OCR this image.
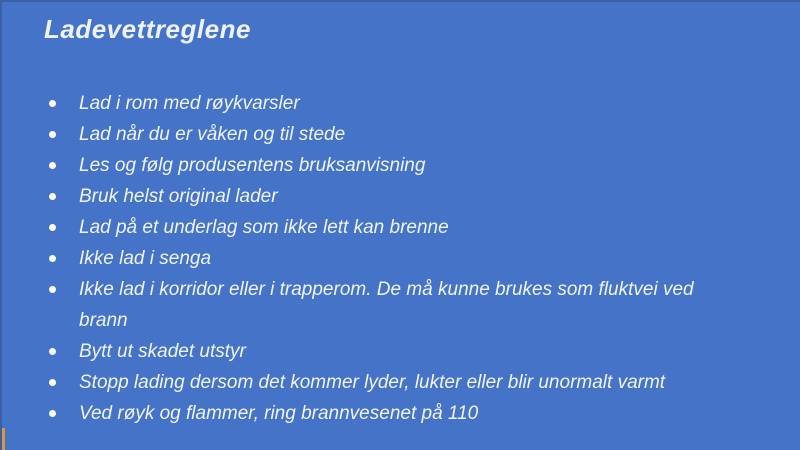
Ladevettreglene
Lad i rom med røykvarsler
Lad når du er våken og til stede
Les og følg produsentens bruksanvisning
Bruk helst original lader
Lad på et underlag som ikke lett kan brenne
Ikke lad i senga
Ikke lad i korridor eller i trapperom. De må kunne brukes som fluktvei ved brann
Bytt ut skadet utstyr
Stopp lading dersom det kommer lyder, lukter eller blir unormalt varmt
Ved røyk og flammer, ring brannvesenet på 110
